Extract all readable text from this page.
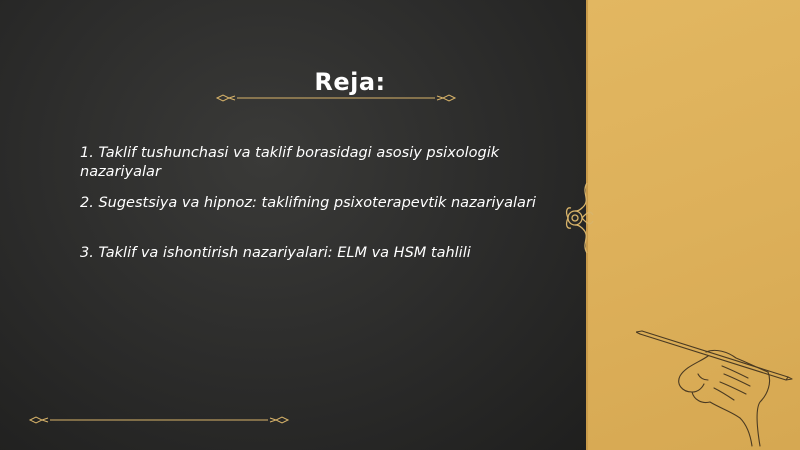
Reja:
1. Taklif tushunchasi va taklif borasidagi asosiy psixologik nazariyalar
2. Sugestsiya va hipnoz: taklifning psixoterapevtik nazariyalari
3. Taklif va ishontirish nazariyalari: ELM va HSM tahlili
